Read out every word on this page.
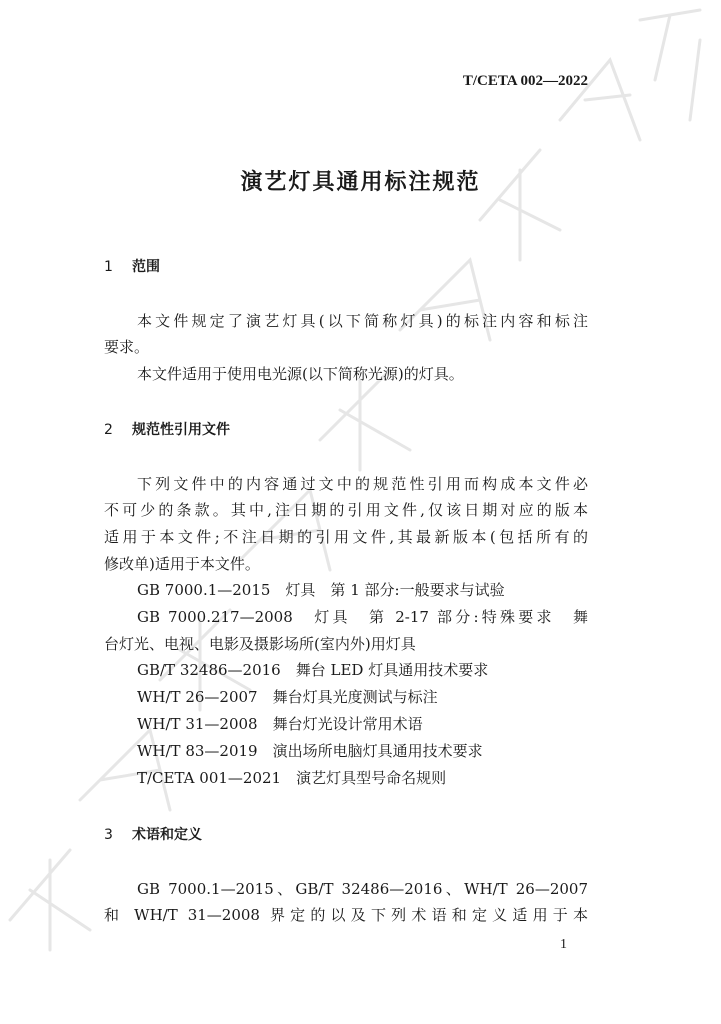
T/CETA 002—2022
演艺灯具通用标注规范
1 范围
本文件规定了演艺灯具(以下简称灯具)的标注内容和标注
要求。
本文件适用于使用电光源(以下简称光源)的灯具。
2 规范性引用文件
下列文件中的内容通过文中的规范性引用而构成本文件必
不可少的条款。其中,注日期的引用文件,仅该日期对应的版本
适用于本文件;不注日期的引用文件,其最新版本(包括所有的
修改单)适用于本文件。
GB 7000.1—2015　灯具　第 1 部分:一般要求与试验
GB 7000.217—2008　灯具　第 2-17 部分:特殊要求　舞
台灯光、电视、电影及摄影场所(室内外)用灯具
GB/T 32486—2016　舞台 LED 灯具通用技术要求
WH/T 26—2007　舞台灯具光度测试与标注
WH/T 31—2008　舞台灯光设计常用术语
WH/T 83—2019　演出场所电脑灯具通用技术要求
T/CETA 001—2021　演艺灯具型号命名规则
3 术语和定义
GB 7000.1—2015、GB/T 32486—2016、WH/T 26—2007
和 WH/T 31—2008 界定的以及下列术语和定义适用于本
1
